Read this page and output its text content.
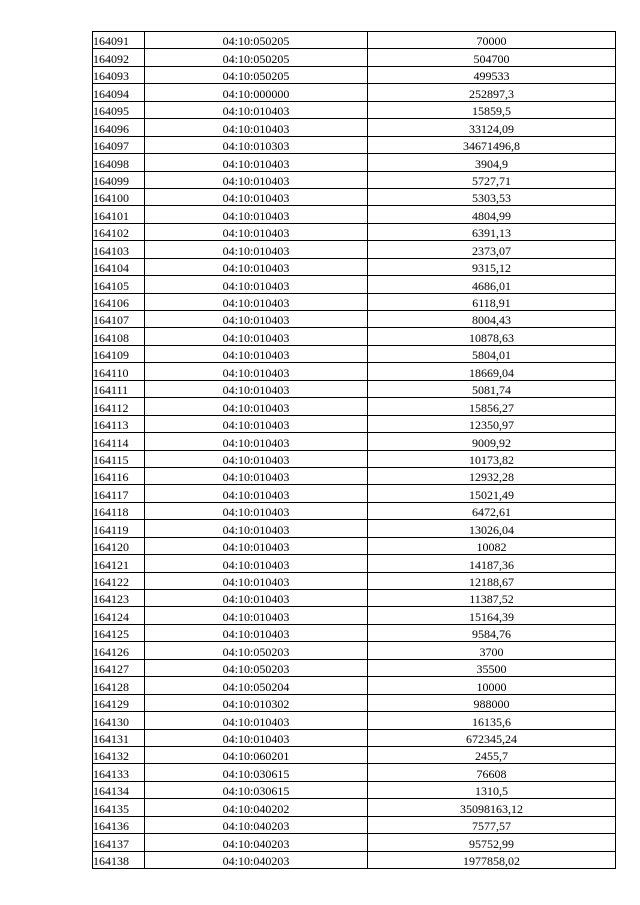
164091	04:10:050205	70000
164092	04:10:050205	504700
164093	04:10:050205	499533
164094	04:10:000000	252897,3
164095	04:10:010403	15859,5
164096	04:10:010403	33124,09
164097	04:10:010303	34671496,8
164098	04:10:010403	3904,9
164099	04:10:010403	5727,71
164100	04:10:010403	5303,53
164101	04:10:010403	4804,99
164102	04:10:010403	6391,13
164103	04:10:010403	2373,07
164104	04:10:010403	9315,12
164105	04:10:010403	4686,01
164106	04:10:010403	6118,91
164107	04:10:010403	8004,43
164108	04:10:010403	10878,63
164109	04:10:010403	5804,01
164110	04:10:010403	18669,04
164111	04:10:010403	5081,74
164112	04:10:010403	15856,27
164113	04:10:010403	12350,97
164114	04:10:010403	9009,92
164115	04:10:010403	10173,82
164116	04:10:010403	12932,28
164117	04:10:010403	15021,49
164118	04:10:010403	6472,61
164119	04:10:010403	13026,04
164120	04:10:010403	10082
164121	04:10:010403	14187,36
164122	04:10:010403	12188,67
164123	04:10:010403	11387,52
164124	04:10:010403	15164,39
164125	04:10:010403	9584,76
164126	04:10:050203	3700
164127	04:10:050203	35500
164128	04:10:050204	10000
164129	04:10:010302	988000
164130	04:10:010403	16135,6
164131	04:10:010403	672345,24
164132	04:10:060201	2455,7
164133	04:10:030615	76608
164134	04:10:030615	1310,5
164135	04:10:040202	35098163,12
164136	04:10:040203	7577,57
164137	04:10:040203	95752,99
164138	04:10:040203	1977858,02
